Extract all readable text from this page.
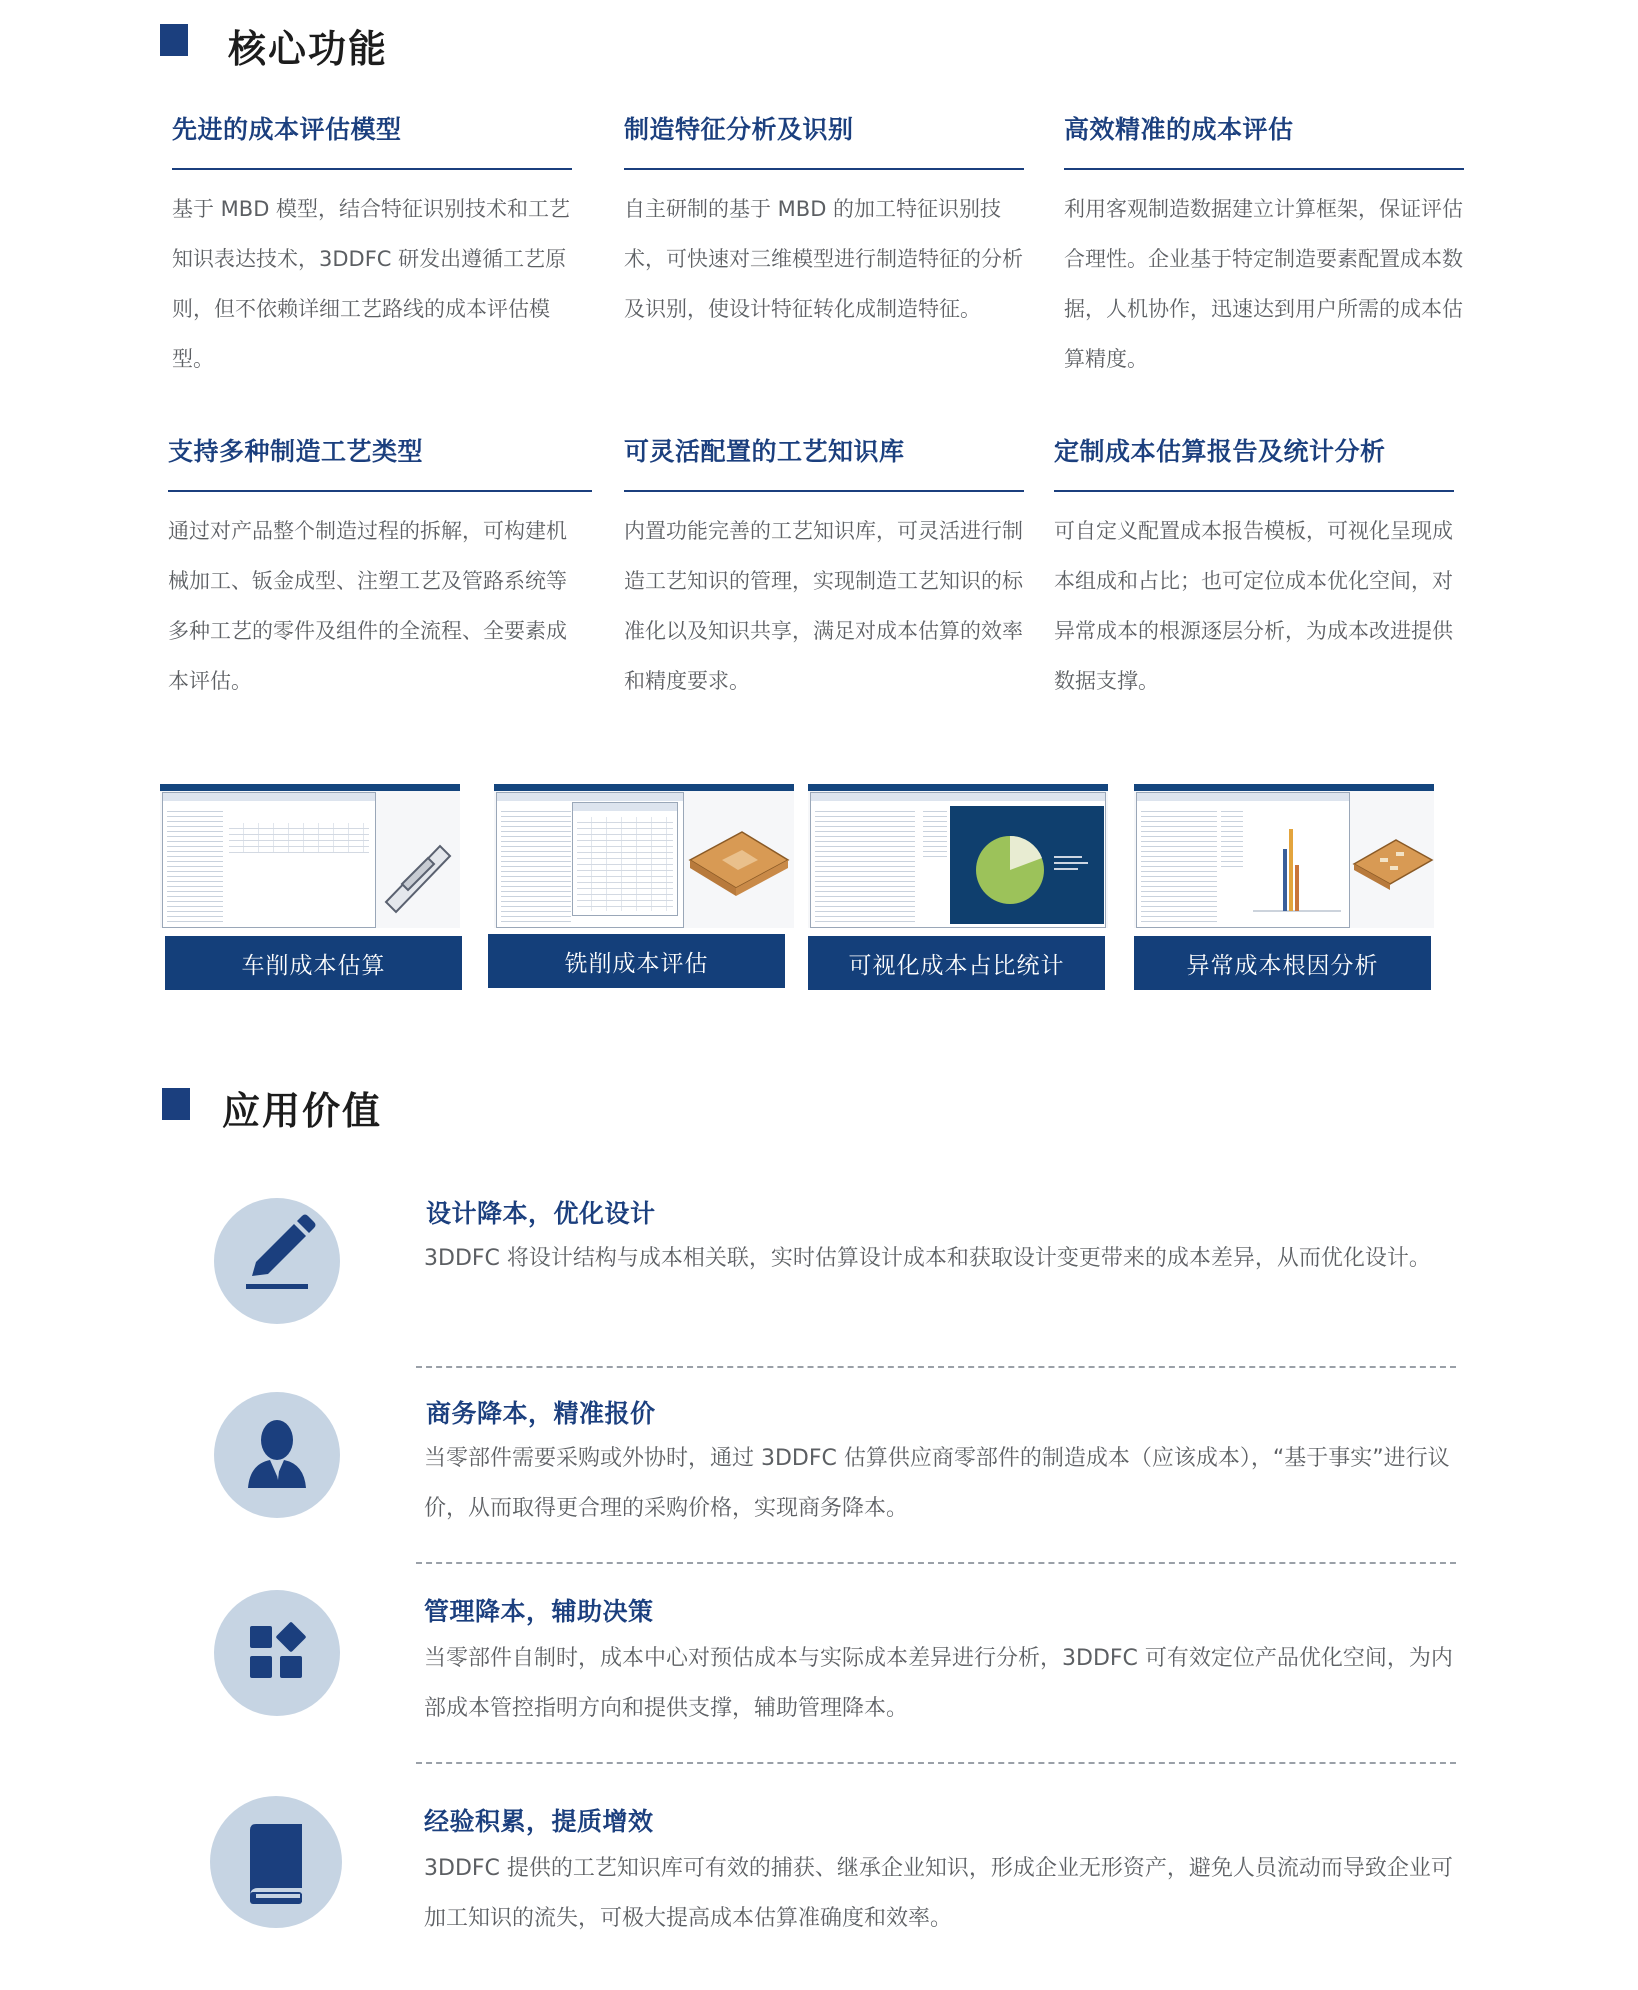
核心功能
先进的成本评估模型
基于 MBD 模型，结合特征识别技术和工艺知识表达技术，3DDFC 研发出遵循工艺原则，但不依赖详细工艺路线的成本评估模型。
制造特征分析及识别
自主研制的基于 MBD 的加工特征识别技术，可快速对三维模型进行制造特征的分析及识别，使设计特征转化成制造特征。
高效精准的成本评估
利用客观制造数据建立计算框架，保证评估合理性。企业基于特定制造要素配置成本数据，人机协作，迅速达到用户所需的成本估算精度。
支持多种制造工艺类型
通过对产品整个制造过程的拆解，可构建机械加工、钣金成型、注塑工艺及管路系统等多种工艺的零件及组件的全流程、全要素成本评估。
可灵活配置的工艺知识库
内置功能完善的工艺知识库，可灵活进行制造工艺知识的管理，实现制造工艺知识的标准化以及知识共享，满足对成本估算的效率和精度要求。
定制成本估算报告及统计分析
可自定义配置成本报告模板，可视化呈现成本组成和占比；也可定位成本优化空间，对异常成本的根源逐层分析，为成本改进提供数据支撑。
车削成本估算	铣削成本评估	可视化成本占比统计	异常成本根因分析
应用价值
设计降本，优化设计
3DDFC 将设计结构与成本相关联，实时估算设计成本和获取设计变更带来的成本差异，从而优化设计。
商务降本，精准报价
当零部件需要采购或外协时，通过 3DDFC 估算供应商零部件的制造成本（应该成本），“基于事实”进行议价，从而取得更合理的采购价格，实现商务降本。
管理降本，辅助决策
当零部件自制时，成本中心对预估成本与实际成本差异进行分析，3DDFC 可有效定位产品优化空间，为内部成本管控指明方向和提供支撑，辅助管理降本。
经验积累，提质增效
3DDFC 提供的工艺知识库可有效的捕获、继承企业知识，形成企业无形资产，避免人员流动而导致企业可加工知识的流失，可极大提高成本估算准确度和效率。
